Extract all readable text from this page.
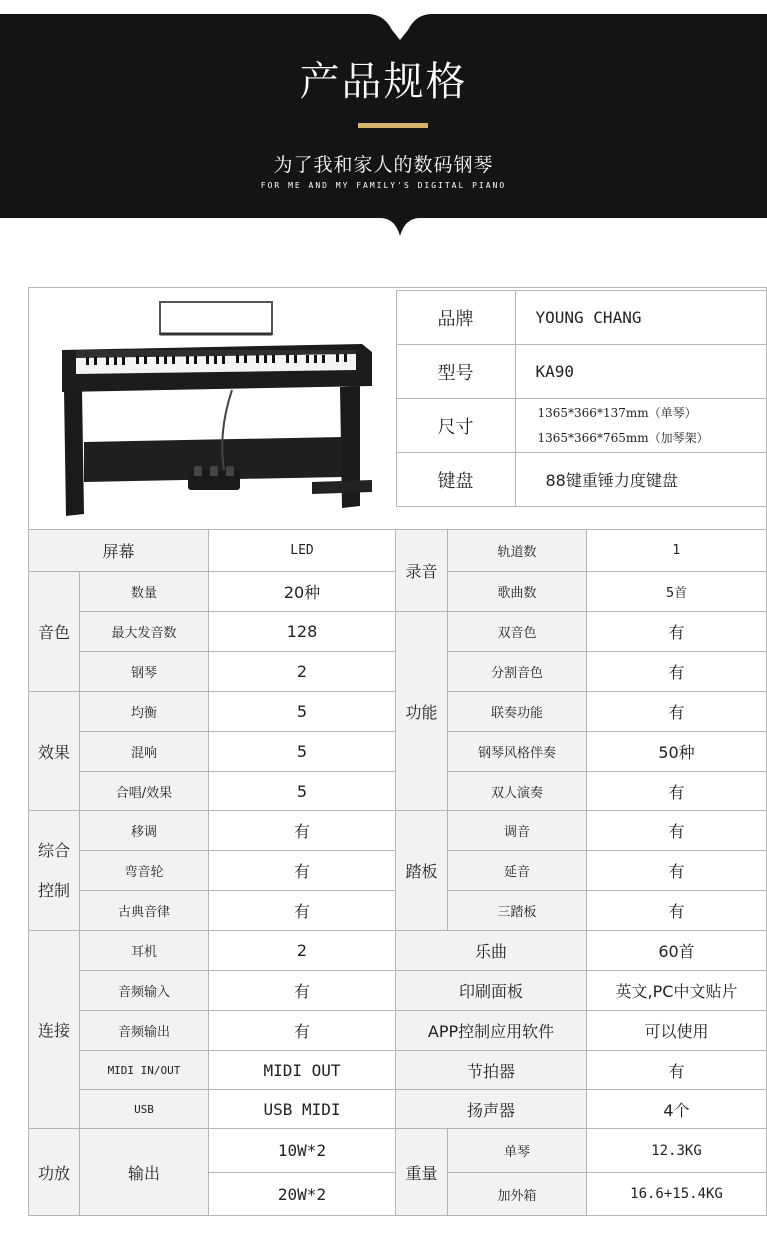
产品规格
为了我和家人的数码钢琴
FOR ME AND MY FAMILY'S DIGITAL PIANO

品牌	YOUNG CHANG
型号	KA90
尺寸	
1365*366*137mm（单琴）
1365*366*765mm（加琴架）

键盘	88键重锤力度键盘

屏幕	LED	录音	轨道数	1
音色	数量	20种	歌曲数	5首
最大发音数	128	功能	双音色	有
钢琴	2	分割音色	有
效果	均衡	5	联奏功能	有
混响	5	钢琴风格伴奏	50种
合唱/效果	5	双人演奏	有
综合
控制	移调	有	踏板	调音	有
弯音轮	有	延音	有
古典音律	有	三踏板	有
连接	耳机	2	乐曲	60首
音频输入	有	印刷面板	英文,PC中文贴片
音频输出	有	APP控制应用软件	可以使用
MIDI IN/OUT	MIDI OUT	节拍器	有
USB	USB MIDI	扬声器	4个
功放	输出	10W*2	重量	单琴	12.3KG
20W*2	加外箱	16.6+15.4KG
